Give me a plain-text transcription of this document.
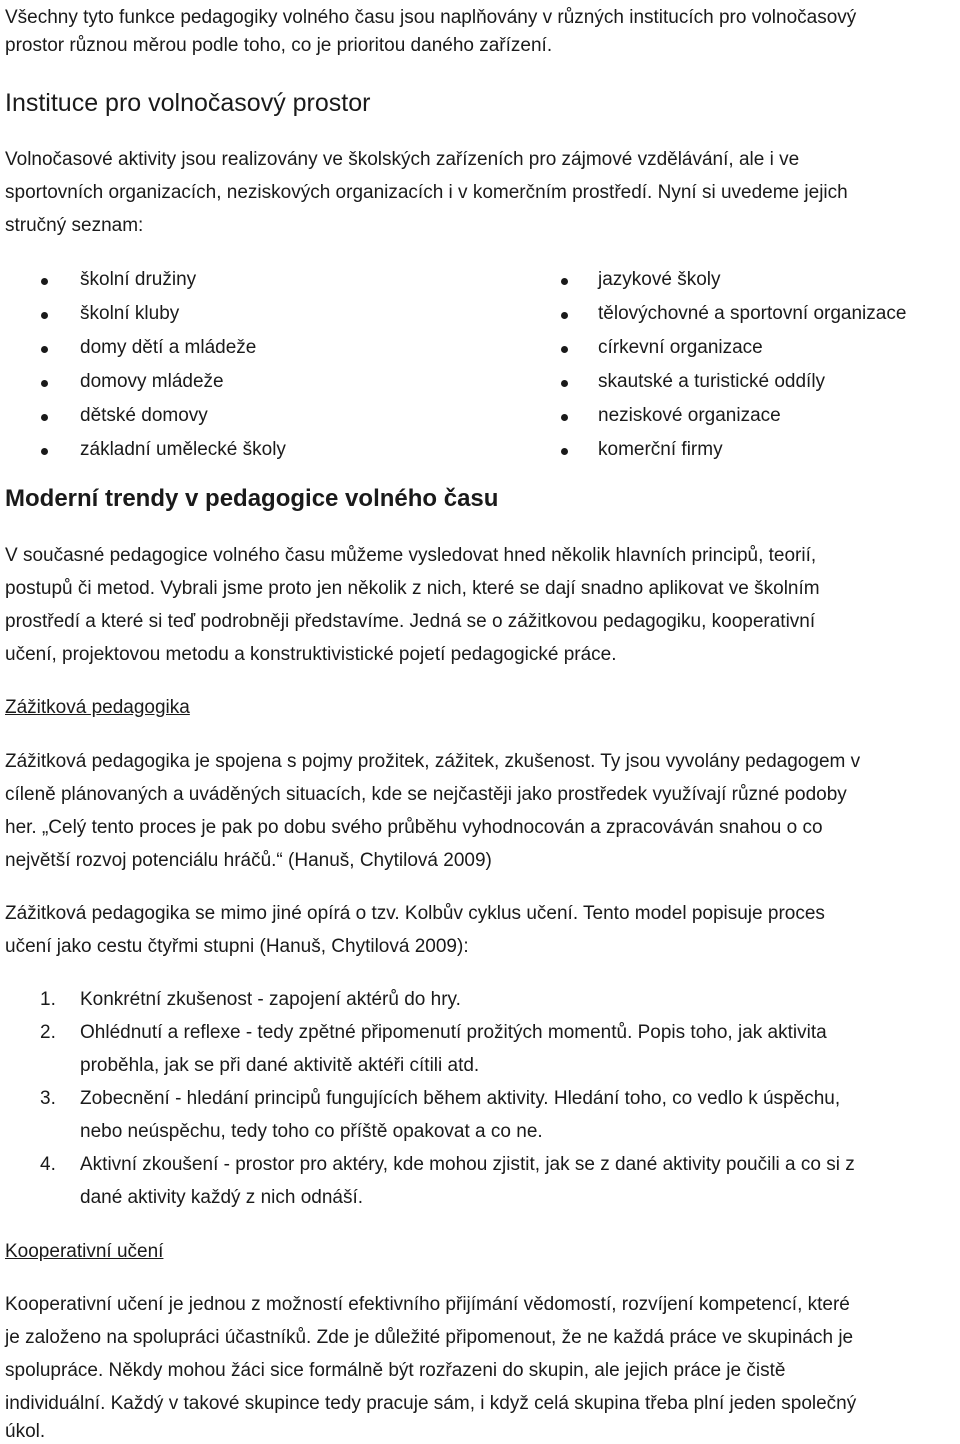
Všechny tyto funkce pedagogiky volného času jsou naplňovány v různých institucích pro volnočasový
prostor různou měrou podle toho, co je prioritou daného zařízení.
Instituce pro volnočasový prostor
Volnočasové aktivity jsou realizovány ve školských zařízeních pro zájmové vzdělávání, ale i ve
sportovních organizacích, neziskových organizacích i v komerčním prostředí. Nyní si uvedeme jejich
stručný seznam:
školní družiny
školní kluby
domy dětí a mládeže
domovy mládeže
dětské domovy
základní umělecké školy
jazykové školy
tělovýchovné a sportovní organizace
církevní organizace
skautské a turistické oddíly
neziskové organizace
komerční firmy
Moderní trendy v pedagogice volného času
V současné pedagogice volného času můžeme vysledovat hned několik hlavních principů, teorií,
postupů či metod. Vybrali jsme proto jen několik z nich, které se dají snadno aplikovat ve školním
prostředí a které si teď podrobněji představíme. Jedná se o zážitkovou pedagogiku, kooperativní
učení, projektovou metodu a konstruktivistické pojetí pedagogické práce.
Zážitková pedagogika
Zážitková pedagogika je spojena s pojmy prožitek, zážitek, zkušenost. Ty jsou vyvolány pedagogem v
cíleně plánovaných a uváděných situacích, kde se nejčastěji jako prostředek využívají různé podoby
her. „Celý tento proces je pak po dobu svého průběhu vyhodnocován a zpracováván snahou o co
největší rozvoj potenciálu hráčů.“ (Hanuš, Chytilová 2009)
Zážitková pedagogika se mimo jiné opírá o tzv. Kolbův cyklus učení. Tento model popisuje proces
učení jako cestu čtyřmi stupni (Hanuš, Chytilová 2009):
1. Konkrétní zkušenost - zapojení aktérů do hry.
2. Ohlédnutí a reflexe - tedy zpětné připomenutí prožitých momentů. Popis toho, jak aktivita
proběhla, jak se při dané aktivitě aktéři cítili atd.
3. Zobecnění - hledání principů fungujících během aktivity. Hledání toho, co vedlo k úspěchu,
nebo neúspěchu, tedy toho co příště opakovat a co ne.
4. Aktivní zkoušení - prostor pro aktéry, kde mohou zjistit, jak se z dané aktivity poučili a co si z
dané aktivity každý z nich odnáší.
Kooperativní učení
Kooperativní učení je jednou z možností efektivního přijímání vědomostí, rozvíjení kompetencí, které
je založeno na spolupráci účastníků. Zde je důležité připomenout, že ne každá práce ve skupinách je
spolupráce. Někdy mohou žáci sice formálně být rozřazeni do skupin, ale jejich práce je čistě
individuální. Každý v takové skupince tedy pracuje sám, i když celá skupina třeba plní jeden společný
úkol.
